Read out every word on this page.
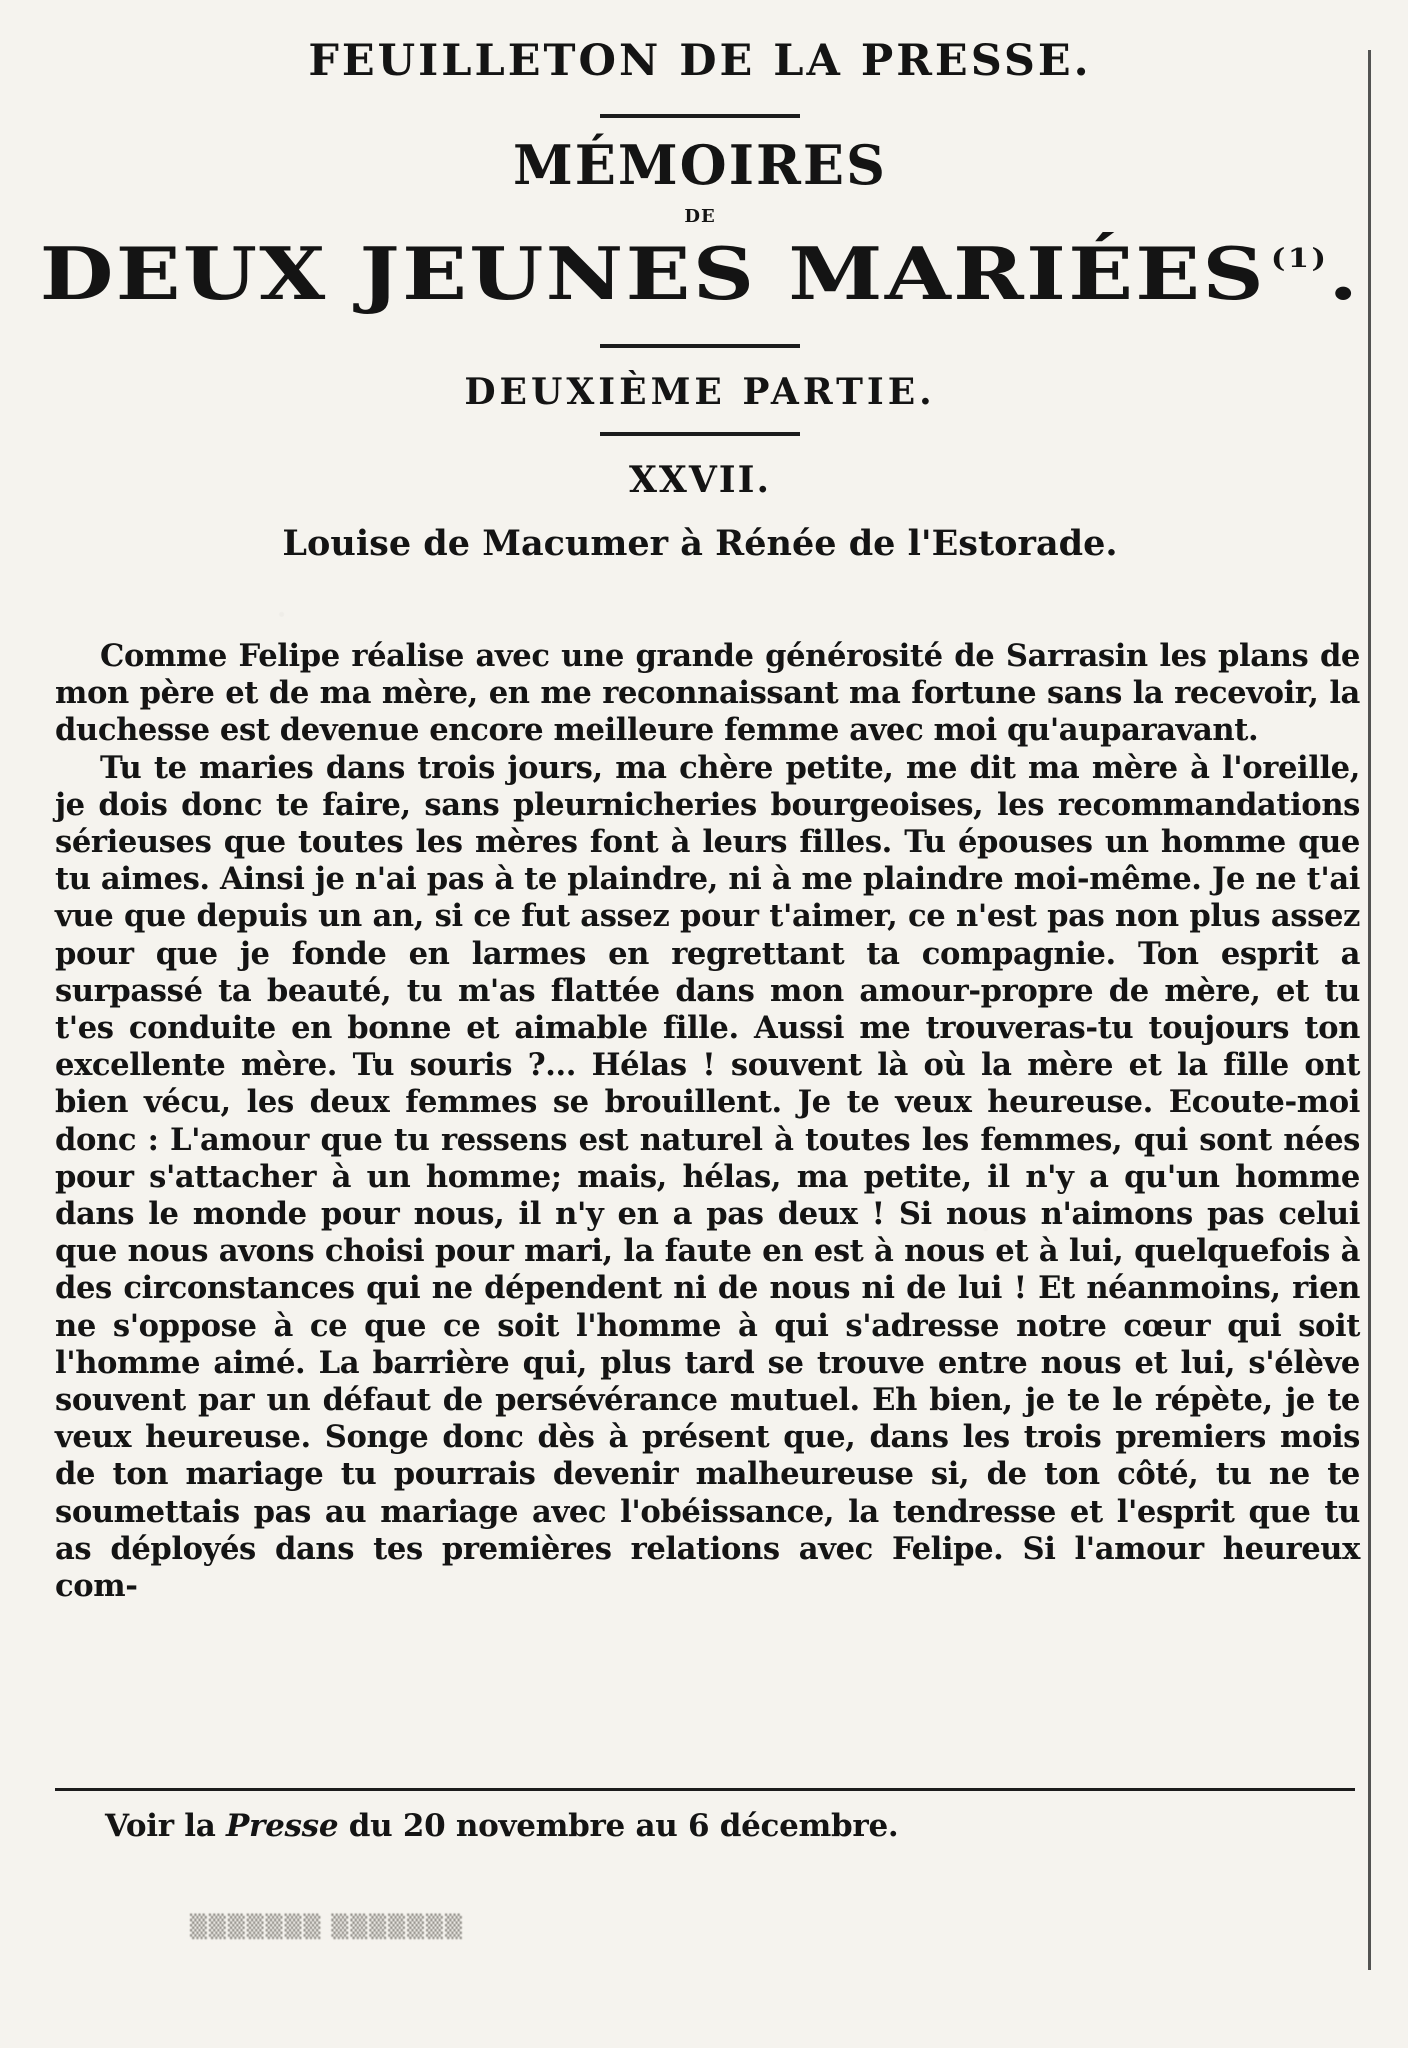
FEUILLETON DE LA PRESSE.
MÉMOIRES
DE
DEUX JEUNES MARIÉES $^{(1)}$.
DEUXIÈME PARTIE.
XXVII.
Louise de Macumer à Rénée de l'Estorade.

Comme Felipe réalise avec une grande générosité de Sarrasin les plans de mon père et de ma mère, en me reconnaissant ma fortune sans la recevoir, la duchesse est devenue encore meilleure femme avec moi qu'auparavant.

Tu te maries dans trois jours, ma chère petite, me dit ma mère à l'oreille, je dois donc te faire, sans pleurnicheries bourgeoises, les recommandations sérieuses que toutes les mères font à leurs filles. Tu épouses un homme que tu aimes. Ainsi je n'ai pas à te plaindre, ni à me plaindre moi-même. Je ne t'ai vue que depuis un an, si ce fut assez pour t'aimer, ce n'est pas non plus assez pour que je fonde en larmes en regrettant ta compagnie. Ton esprit a surpassé ta beauté, tu m'as flattée dans mon amour-propre de mère, et tu t'es conduite en bonne et aimable fille. Aussi me trouveras-tu toujours ton excellente mère. Tu souris ?... Hélas ! souvent là où la mère et la fille ont bien vécu, les deux femmes se brouillent. Je te veux heureuse. Ecoute-moi donc : L'amour que tu ressens est naturel à toutes les femmes, qui sont nées pour s'attacher à un homme; mais, hélas, ma petite, il n'y a qu'un homme dans le monde pour nous, il n'y en a pas deux ! Si nous n'aimons pas celui que nous avons choisi pour mari, la faute en est à nous et à lui, quelquefois à des circonstances qui ne dépendent ni de nous ni de lui ! Et néanmoins, rien ne s'oppose à ce que ce soit l'homme à qui s'adresse notre cœur qui soit l'homme aimé. La barrière qui, plus tard se trouve entre nous et lui, s'élève souvent par un défaut de persévérance mutuel. Eh bien, je te le répète, je te veux heureuse. Songe donc dès à présent que, dans les trois premiers mois de ton mariage tu pourrais devenir malheureuse si, de ton côté, tu ne te soumettais pas au mariage avec l'obéissance, la tendresse et l'esprit que tu as déployés dans tes premières relations avec Felipe. Si l'amour heureux com-

Voir la Presse du 20 novembre au 6 décembre.
▒▒▒▒▒▒▒ ▒▒▒▒▒▒▒
